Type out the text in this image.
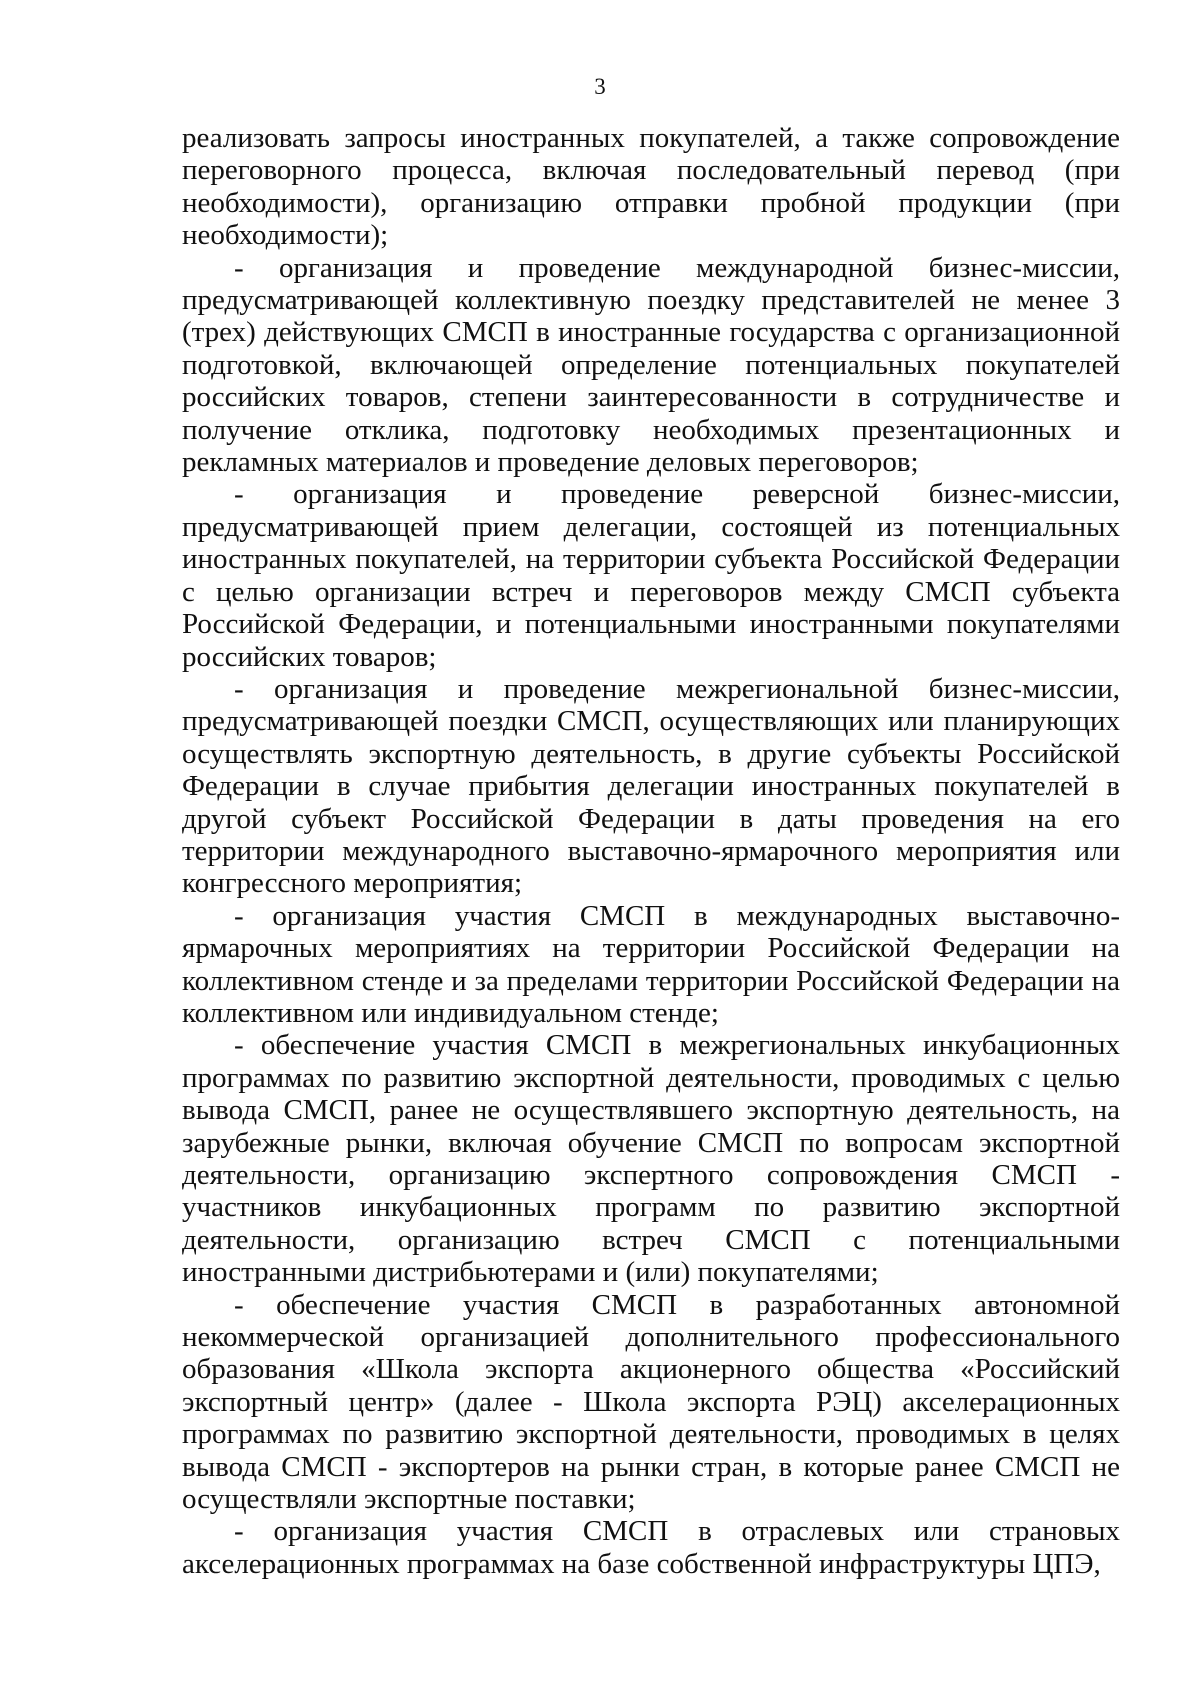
3

реализовать запросы иностранных покупателей, а также сопровождение переговорного процесса, включая последовательный перевод (при необходимости), организацию отправки пробной продукции (при необходимости);

- организация и проведение международной бизнес-миссии, предусматривающей коллективную поездку представителей не менее 3 (трех) действующих СМСП в иностранные государства с организационной подготовкой, включающей определение потенциальных покупателей российских товаров, степени заинтересованности в сотрудничестве и получение отклика, подготовку необходимых презентационных и рекламных материалов и проведение деловых переговоров;

- организация и проведение реверсной бизнес-миссии, предусматривающей прием делегации, состоящей из потенциальных иностранных покупателей, на территории субъекта Российской Федерации с целью организации встреч и переговоров между СМСП субъекта Российской Федерации, и потенциальными иностранными покупателями российских товаров;

- организация и проведение межрегиональной бизнес-миссии, предусматривающей поездки СМСП, осуществляющих или планирующих осуществлять экспортную деятельность, в другие субъекты Российской Федерации в случае прибытия делегации иностранных покупателей в другой субъект Российской Федерации в даты проведения на его территории международного выставочно-ярмарочного мероприятия или конгрессного мероприятия;

- организация участия СМСП в международных выставочно-ярмарочных мероприятиях на территории Российской Федерации на коллективном стенде и за пределами территории Российской Федерации на коллективном или индивидуальном стенде;

- обеспечение участия СМСП в межрегиональных инкубационных программах по развитию экспортной деятельности, проводимых с целью вывода СМСП, ранее не осуществлявшего экспортную деятельность, на зарубежные рынки, включая обучение СМСП по вопросам экспортной деятельности, организацию экспертного сопровождения СМСП - участников инкубационных программ по развитию экспортной деятельности, организацию встреч СМСП с потенциальными иностранными дистрибьютерами и (или) покупателями;

- обеспечение участия СМСП в разработанных автономной некоммерческой организацией дополнительного профессионального образования «Школа экспорта акционерного общества «Российский экспортный центр» (далее - Школа экспорта РЭЦ) акселерационных программах по развитию экспортной деятельности, проводимых в целях вывода СМСП - экспортеров на рынки стран, в которые ранее СМСП не осуществляли экспортные поставки;

- организация участия СМСП в отраслевых или страновых акселерационных программах на базе собственной инфраструктуры ЦПЭ,
